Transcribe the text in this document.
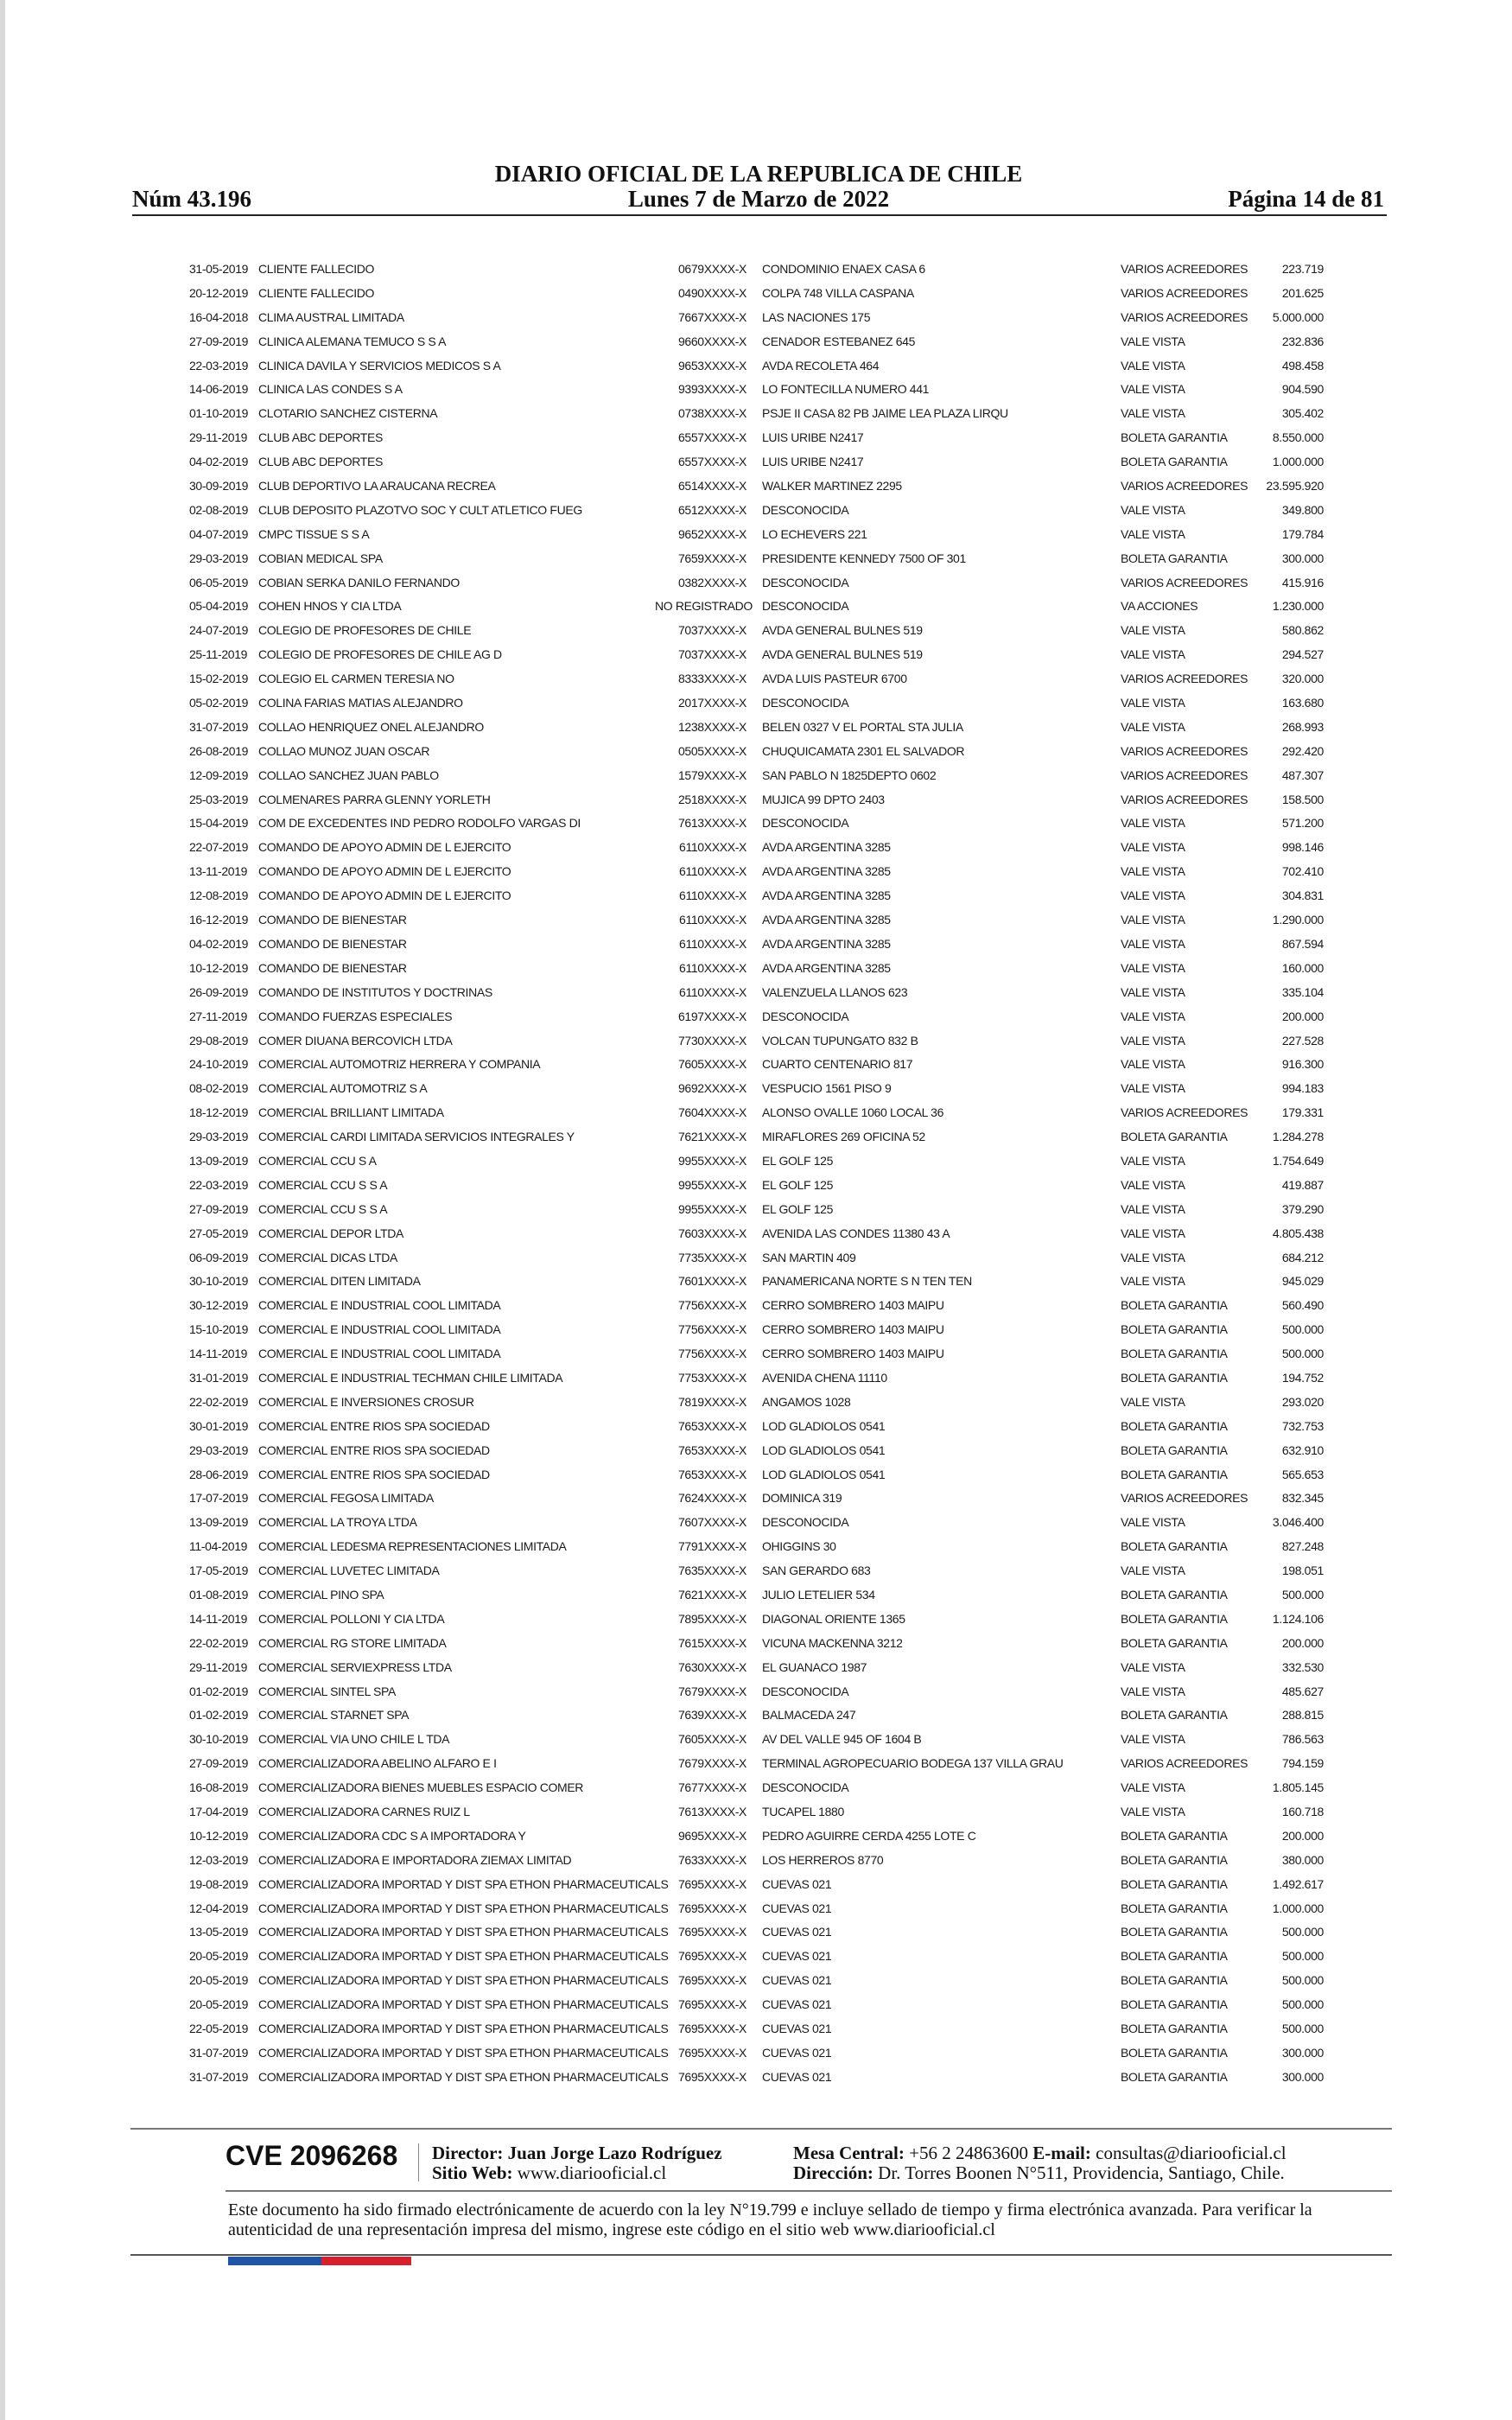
DIARIO OFICIAL DE LA REPUBLICA DE CHILE
Núm 43.196	Lunes 7 de Marzo de 2022	Página 14 de 81
31-05-2019 CLIENTE FALLECIDO	0679XXXX-X CONDOMINIO ENAEX CASA 6	VARIOS ACREEDORES	223.719
20-12-2019 CLIENTE FALLECIDO	0490XXXX-X COLPA 748 VILLA CASPANA	VARIOS ACREEDORES	201.625
16-04-2018 CLIMA AUSTRAL LIMITADA	7667XXXX-X LAS NACIONES 175	VARIOS ACREEDORES	5.000.000
27-09-2019 CLINICA ALEMANA TEMUCO S S A	9660XXXX-X CENADOR ESTEBANEZ 645	VALE VISTA	232.836
22-03-2019 CLINICA DAVILA Y SERVICIOS MEDICOS S A	9653XXXX-X AVDA RECOLETA 464	VALE VISTA	498.458
14-06-2019 CLINICA LAS CONDES S A	9393XXXX-X LO FONTECILLA NUMERO 441	VALE VISTA	904.590
01-10-2019 CLOTARIO SANCHEZ CISTERNA	0738XXXX-X PSJE II CASA 82 PB JAIME LEA PLAZA LIRQU	VALE VISTA	305.402
29-11-2019 CLUB ABC DEPORTES	6557XXXX-X LUIS URIBE N2417	BOLETA GARANTIA	8.550.000
04-02-2019 CLUB ABC DEPORTES	6557XXXX-X LUIS URIBE N2417	BOLETA GARANTIA	1.000.000
30-09-2019 CLUB DEPORTIVO LA ARAUCANA RECREA	6514XXXX-X WALKER MARTINEZ 2295	VARIOS ACREEDORES	23.595.920
02-08-2019 CLUB DEPOSITO PLAZOTVO SOC Y CULT ATLETICO FUEG	6512XXXX-X DESCONOCIDA	VALE VISTA	349.800
04-07-2019 CMPC TISSUE S S A	9652XXXX-X LO ECHEVERS 221	VALE VISTA	179.784
29-03-2019 COBIAN MEDICAL SPA	7659XXXX-X PRESIDENTE KENNEDY 7500 OF 301	BOLETA GARANTIA	300.000
06-05-2019 COBIAN SERKA DANILO FERNANDO	0382XXXX-X DESCONOCIDA	VARIOS ACREEDORES	415.916
05-04-2019 COHEN HNOS Y CIA LTDA	NO REGISTRADO DESCONOCIDA	VA ACCIONES	1.230.000
24-07-2019 COLEGIO DE PROFESORES DE CHILE	7037XXXX-X AVDA GENERAL BULNES 519	VALE VISTA	580.862
25-11-2019 COLEGIO DE PROFESORES DE CHILE AG D	7037XXXX-X AVDA GENERAL BULNES 519	VALE VISTA	294.527
15-02-2019 COLEGIO EL CARMEN TERESIA NO	8333XXXX-X AVDA LUIS PASTEUR 6700	VARIOS ACREEDORES	320.000
05-02-2019 COLINA FARIAS MATIAS ALEJANDRO	2017XXXX-X DESCONOCIDA	VALE VISTA	163.680
31-07-2019 COLLAO HENRIQUEZ ONEL ALEJANDRO	1238XXXX-X BELEN 0327 V EL PORTAL STA JULIA	VALE VISTA	268.993
26-08-2019 COLLAO MUNOZ JUAN OSCAR	0505XXXX-X CHUQUICAMATA 2301 EL SALVADOR	VARIOS ACREEDORES	292.420
12-09-2019 COLLAO SANCHEZ JUAN PABLO	1579XXXX-X SAN PABLO N 1825DEPTO 0602	VARIOS ACREEDORES	487.307
25-03-2019 COLMENARES PARRA GLENNY YORLETH	2518XXXX-X MUJICA 99 DPTO 2403	VARIOS ACREEDORES	158.500
15-04-2019 COM DE EXCEDENTES IND PEDRO RODOLFO VARGAS DI	7613XXXX-X DESCONOCIDA	VALE VISTA	571.200
22-07-2019 COMANDO DE APOYO ADMIN DE L EJERCITO	6110XXXX-X AVDA ARGENTINA 3285	VALE VISTA	998.146
13-11-2019 COMANDO DE APOYO ADMIN DE L EJERCITO	6110XXXX-X AVDA ARGENTINA 3285	VALE VISTA	702.410
12-08-2019 COMANDO DE APOYO ADMIN DE L EJERCITO	6110XXXX-X AVDA ARGENTINA 3285	VALE VISTA	304.831
16-12-2019 COMANDO DE BIENESTAR	6110XXXX-X AVDA ARGENTINA 3285	VALE VISTA	1.290.000
04-02-2019 COMANDO DE BIENESTAR	6110XXXX-X AVDA ARGENTINA 3285	VALE VISTA	867.594
10-12-2019 COMANDO DE BIENESTAR	6110XXXX-X AVDA ARGENTINA 3285	VALE VISTA	160.000
26-09-2019 COMANDO DE INSTITUTOS Y DOCTRINAS	6110XXXX-X VALENZUELA LLANOS 623	VALE VISTA	335.104
27-11-2019 COMANDO FUERZAS ESPECIALES	6197XXXX-X DESCONOCIDA	VALE VISTA	200.000
29-08-2019 COMER DIUANA BERCOVICH LTDA	7730XXXX-X VOLCAN TUPUNGATO 832 B	VALE VISTA	227.528
24-10-2019 COMERCIAL AUTOMOTRIZ HERRERA Y COMPANIA	7605XXXX-X CUARTO CENTENARIO 817	VALE VISTA	916.300
08-02-2019 COMERCIAL AUTOMOTRIZ S A	9692XXXX-X VESPUCIO 1561 PISO 9	VALE VISTA	994.183
18-12-2019 COMERCIAL BRILLIANT LIMITADA	7604XXXX-X ALONSO OVALLE 1060 LOCAL 36	VARIOS ACREEDORES	179.331
29-03-2019 COMERCIAL CARDI LIMITADA SERVICIOS INTEGRALES Y	7621XXXX-X MIRAFLORES 269 OFICINA 52	BOLETA GARANTIA	1.284.278
13-09-2019 COMERCIAL CCU S A	9955XXXX-X EL GOLF 125	VALE VISTA	1.754.649
22-03-2019 COMERCIAL CCU S S A	9955XXXX-X EL GOLF 125	VALE VISTA	419.887
27-09-2019 COMERCIAL CCU S S A	9955XXXX-X EL GOLF 125	VALE VISTA	379.290
27-05-2019 COMERCIAL DEPOR LTDA	7603XXXX-X AVENIDA LAS CONDES 11380 43 A	VALE VISTA	4.805.438
06-09-2019 COMERCIAL DICAS LTDA	7735XXXX-X SAN MARTIN 409	VALE VISTA	684.212
30-10-2019 COMERCIAL DITEN LIMITADA	7601XXXX-X PANAMERICANA NORTE S N TEN TEN	VALE VISTA	945.029
30-12-2019 COMERCIAL E INDUSTRIAL COOL LIMITADA	7756XXXX-X CERRO SOMBRERO 1403 MAIPU	BOLETA GARANTIA	560.490
15-10-2019 COMERCIAL E INDUSTRIAL COOL LIMITADA	7756XXXX-X CERRO SOMBRERO 1403 MAIPU	BOLETA GARANTIA	500.000
14-11-2019 COMERCIAL E INDUSTRIAL COOL LIMITADA	7756XXXX-X CERRO SOMBRERO 1403 MAIPU	BOLETA GARANTIA	500.000
31-01-2019 COMERCIAL E INDUSTRIAL TECHMAN CHILE LIMITADA	7753XXXX-X AVENIDA CHENA 11110	BOLETA GARANTIA	194.752
22-02-2019 COMERCIAL E INVERSIONES CROSUR	7819XXXX-X ANGAMOS 1028	VALE VISTA	293.020
30-01-2019 COMERCIAL ENTRE RIOS SPA SOCIEDAD	7653XXXX-X LOD GLADIOLOS 0541	BOLETA GARANTIA	732.753
29-03-2019 COMERCIAL ENTRE RIOS SPA SOCIEDAD	7653XXXX-X LOD GLADIOLOS 0541	BOLETA GARANTIA	632.910
28-06-2019 COMERCIAL ENTRE RIOS SPA SOCIEDAD	7653XXXX-X LOD GLADIOLOS 0541	BOLETA GARANTIA	565.653
17-07-2019 COMERCIAL FEGOSA LIMITADA	7624XXXX-X DOMINICA 319	VARIOS ACREEDORES	832.345
13-09-2019 COMERCIAL LA TROYA LTDA	7607XXXX-X DESCONOCIDA	VALE VISTA	3.046.400
11-04-2019 COMERCIAL LEDESMA REPRESENTACIONES LIMITADA	7791XXXX-X OHIGGINS 30	BOLETA GARANTIA	827.248
17-05-2019 COMERCIAL LUVETEC LIMITADA	7635XXXX-X SAN GERARDO 683	VALE VISTA	198.051
01-08-2019 COMERCIAL PINO SPA	7621XXXX-X JULIO LETELIER 534	BOLETA GARANTIA	500.000
14-11-2019 COMERCIAL POLLONI Y CIA LTDA	7895XXXX-X DIAGONAL ORIENTE 1365	BOLETA GARANTIA	1.124.106
22-02-2019 COMERCIAL RG STORE LIMITADA	7615XXXX-X VICUNA MACKENNA 3212	BOLETA GARANTIA	200.000
29-11-2019 COMERCIAL SERVIEXPRESS LTDA	7630XXXX-X EL GUANACO 1987	VALE VISTA	332.530
01-02-2019 COMERCIAL SINTEL SPA	7679XXXX-X DESCONOCIDA	VALE VISTA	485.627
01-02-2019 COMERCIAL STARNET SPA	7639XXXX-X BALMACEDA 247	BOLETA GARANTIA	288.815
30-10-2019 COMERCIAL VIA UNO CHILE L TDA	7605XXXX-X AV DEL VALLE 945 OF 1604 B	VALE VISTA	786.563
27-09-2019 COMERCIALIZADORA ABELINO ALFARO E I	7679XXXX-X TERMINAL AGROPECUARIO BODEGA 137 VILLA GRAU	VARIOS ACREEDORES	794.159
16-08-2019 COMERCIALIZADORA BIENES MUEBLES ESPACIO COMER	7677XXXX-X DESCONOCIDA	VALE VISTA	1.805.145
17-04-2019 COMERCIALIZADORA CARNES RUIZ L	7613XXXX-X TUCAPEL 1880	VALE VISTA	160.718
10-12-2019 COMERCIALIZADORA CDC S A IMPORTADORA Y	9695XXXX-X PEDRO AGUIRRE CERDA 4255 LOTE C	BOLETA GARANTIA	200.000
12-03-2019 COMERCIALIZADORA E IMPORTADORA ZIEMAX LIMITAD	7633XXXX-X LOS HERREROS 8770	BOLETA GARANTIA	380.000
19-08-2019 COMERCIALIZADORA IMPORTAD Y DIST SPA ETHON PHARMACEUTICALS 7695XXXX-X CUEVAS 021	BOLETA GARANTIA	1.492.617
12-04-2019 COMERCIALIZADORA IMPORTAD Y DIST SPA ETHON PHARMACEUTICALS 7695XXXX-X CUEVAS 021	BOLETA GARANTIA	1.000.000
13-05-2019 COMERCIALIZADORA IMPORTAD Y DIST SPA ETHON PHARMACEUTICALS 7695XXXX-X CUEVAS 021	BOLETA GARANTIA	500.000
20-05-2019 COMERCIALIZADORA IMPORTAD Y DIST SPA ETHON PHARMACEUTICALS 7695XXXX-X CUEVAS 021	BOLETA GARANTIA	500.000
20-05-2019 COMERCIALIZADORA IMPORTAD Y DIST SPA ETHON PHARMACEUTICALS 7695XXXX-X CUEVAS 021	BOLETA GARANTIA	500.000
20-05-2019 COMERCIALIZADORA IMPORTAD Y DIST SPA ETHON PHARMACEUTICALS 7695XXXX-X CUEVAS 021	BOLETA GARANTIA	500.000
22-05-2019 COMERCIALIZADORA IMPORTAD Y DIST SPA ETHON PHARMACEUTICALS 7695XXXX-X CUEVAS 021	BOLETA GARANTIA	500.000
31-07-2019 COMERCIALIZADORA IMPORTAD Y DIST SPA ETHON PHARMACEUTICALS 7695XXXX-X CUEVAS 021	BOLETA GARANTIA	300.000
31-07-2019 COMERCIALIZADORA IMPORTAD Y DIST SPA ETHON PHARMACEUTICALS 7695XXXX-X CUEVAS 021	BOLETA GARANTIA	300.000
CVE 2096268 Director: Juan Jorge Lazo Rodríguez
Sitio Web: www.diariooficial.cl
Mesa Central: +56 2 24863600 E-mail: consultas@diariooficial.cl
Dirección: Dr. Torres Boonen N°511, Providencia, Santiago, Chile.
Este documento ha sido firmado electrónicamente de acuerdo con la ley N°19.799 e incluye sellado de tiempo y firma electrónica avanzada. Para verificar la autenticidad de una representación impresa del mismo, ingrese este código en el sitio web www.diariooficial.cl
